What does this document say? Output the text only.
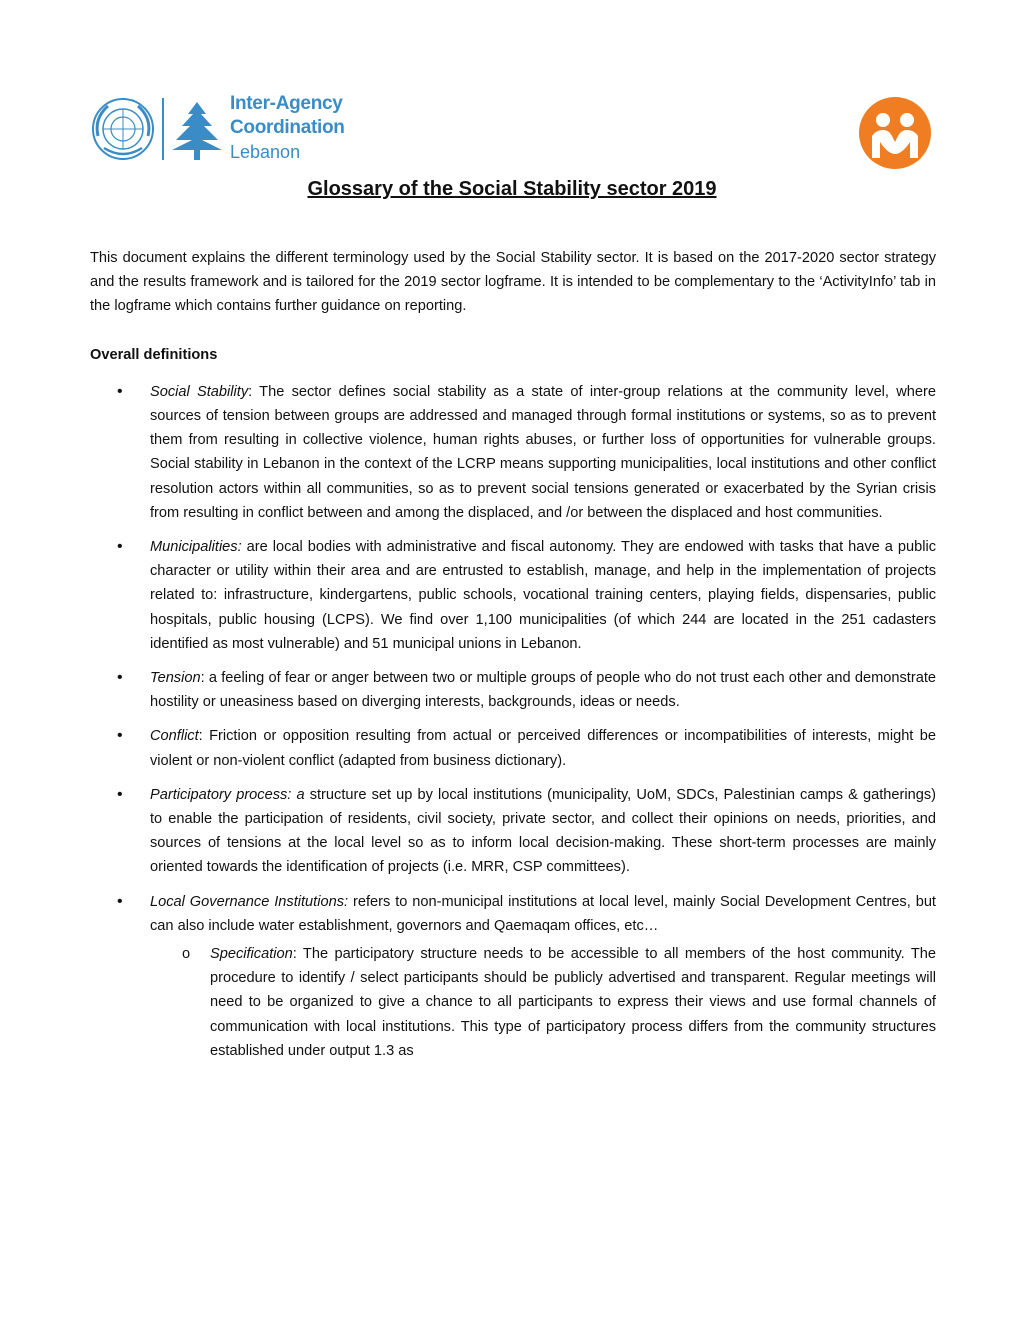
Inter-Agency
Coordination
Lebanon
Glossary of the Social Stability sector 2019

This document explains the different terminology used by the Social Stability sector. It is based on the 2017-2020 sector strategy and the results framework and is tailored for the 2019 sector logframe. It is intended to be complementary to the ‘ActivityInfo’ tab in the logframe which contains further guidance on reporting.

Overall definitions
• Social Stability: The sector defines social stability as a state of inter-group relations at the community level, where sources of tension between groups are addressed and managed through formal institutions or systems, so as to prevent them from resulting in collective violence, human rights abuses, or further loss of opportunities for vulnerable groups. Social stability in Lebanon in the context of the LCRP means supporting municipalities, local institutions and other conflict resolution actors within all communities, so as to prevent social tensions generated or exacerbated by the Syrian crisis from resulting in conflict between and among the displaced, and /or between the displaced and host communities.
• Municipalities: are local bodies with administrative and fiscal autonomy. They are endowed with tasks that have a public character or utility within their area and are entrusted to establish, manage, and help in the implementation of projects related to: infrastructure, kindergartens, public schools, vocational training centers, playing fields, dispensaries, public hospitals, public housing (LCPS). We find over 1,100 municipalities (of which 244 are located in the 251 cadasters identified as most vulnerable) and 51 municipal unions in Lebanon.
• Tension: a feeling of fear or anger between two or multiple groups of people who do not trust each other and demonstrate hostility or uneasiness based on diverging interests, backgrounds, ideas or needs.
• Conflict: Friction or opposition resulting from actual or perceived differences or incompatibilities of interests, might be violent or non-violent conflict (adapted from business dictionary).
• Participatory process: a structure set up by local institutions (municipality, UoM, SDCs, Palestinian camps & gatherings) to enable the participation of residents, civil society, private sector, and collect their opinions on needs, priorities, and sources of tensions at the local level so as to inform local decision-making. These short-term processes are mainly oriented towards the identification of projects (i.e. MRR, CSP committees).
• Local Governance Institutions: refers to non-municipal institutions at local level, mainly Social Development Centres, but can also include water establishment, governors and Qaemaqam offices, etc…
o Specification: The participatory structure needs to be accessible to all members of the host community. The procedure to identify / select participants should be publicly advertised and transparent. Regular meetings will need to be organized to give a chance to all participants to express their views and use formal channels of communication with local institutions. This type of participatory process differs from the community structures established under output 1.3 as
